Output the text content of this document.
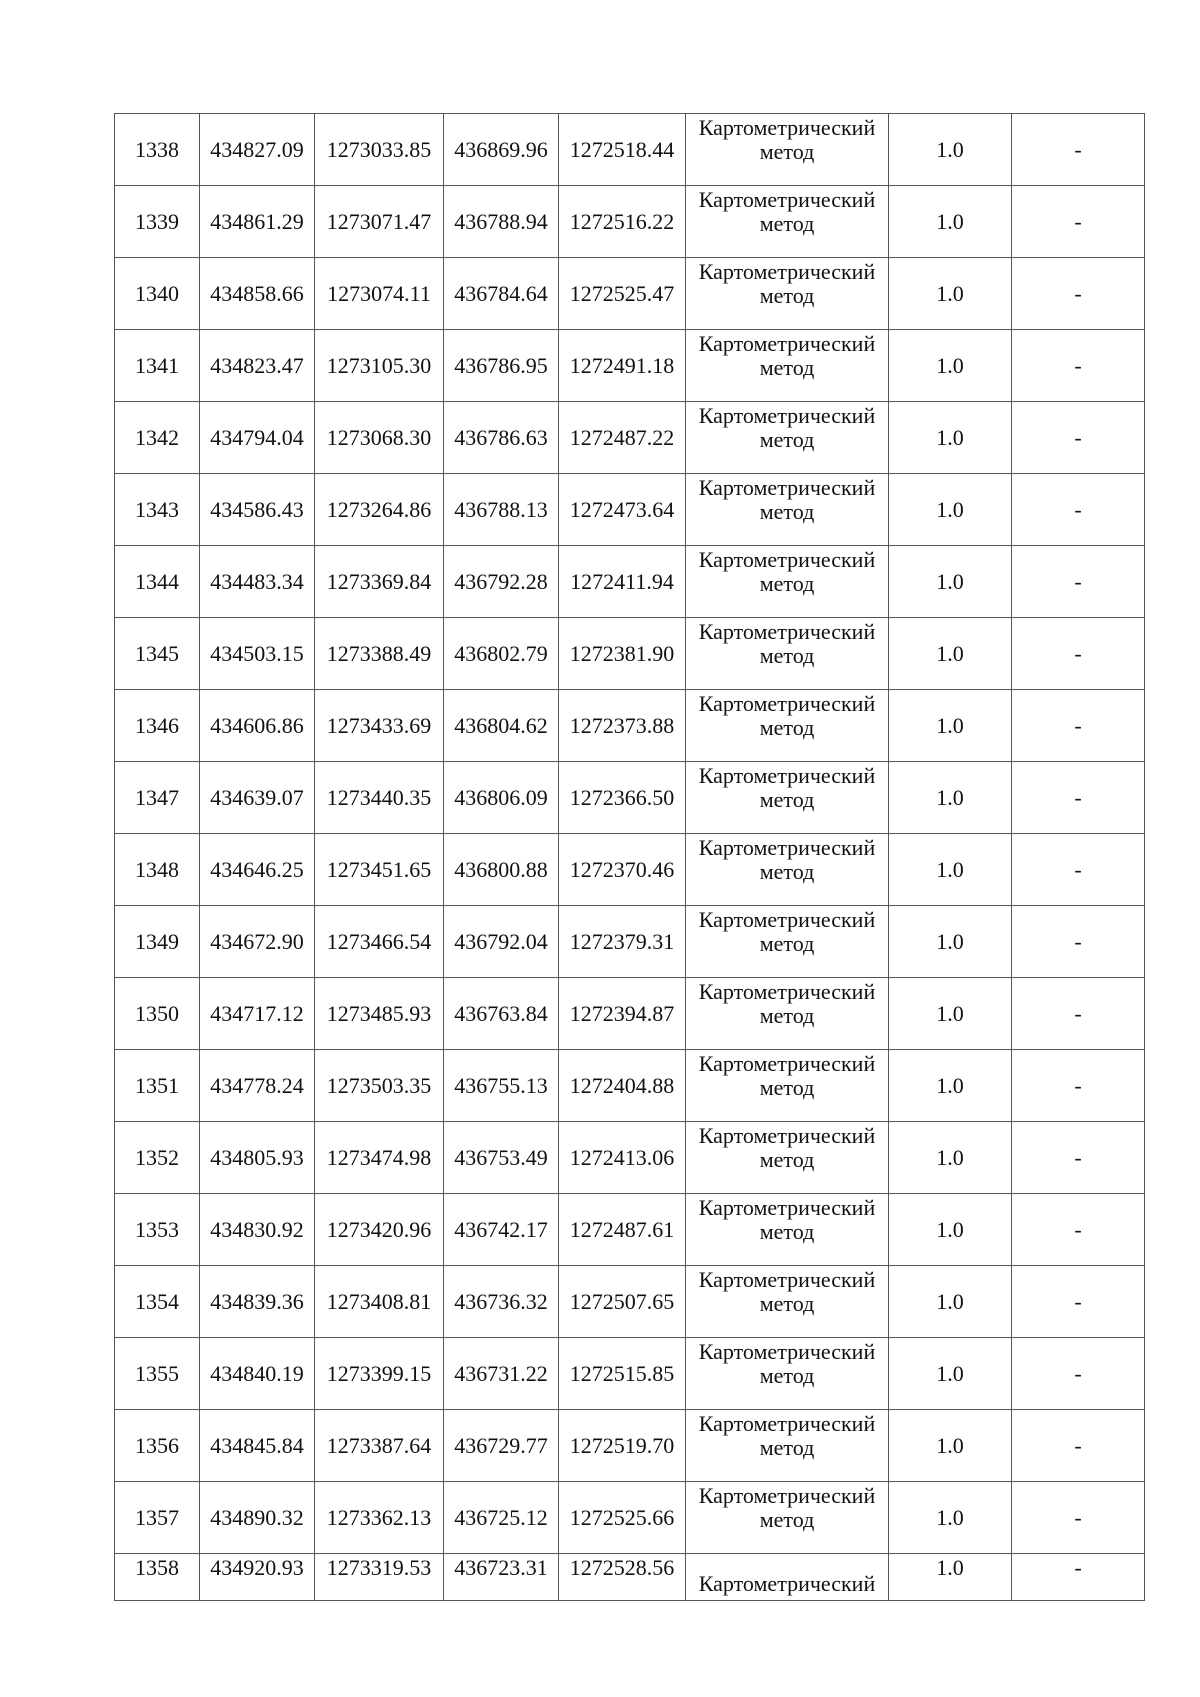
1338	434827.09	1273033.85	436869.96	1272518.44	Картометрический
метод	1.0	-
1339	434861.29	1273071.47	436788.94	1272516.22	Картометрический
метод	1.0	-
1340	434858.66	1273074.11	436784.64	1272525.47	Картометрический
метод	1.0	-
1341	434823.47	1273105.30	436786.95	1272491.18	Картометрический
метод	1.0	-
1342	434794.04	1273068.30	436786.63	1272487.22	Картометрический
метод	1.0	-
1343	434586.43	1273264.86	436788.13	1272473.64	Картометрический
метод	1.0	-
1344	434483.34	1273369.84	436792.28	1272411.94	Картометрический
метод	1.0	-
1345	434503.15	1273388.49	436802.79	1272381.90	Картометрический
метод	1.0	-
1346	434606.86	1273433.69	436804.62	1272373.88	Картометрический
метод	1.0	-
1347	434639.07	1273440.35	436806.09	1272366.50	Картометрический
метод	1.0	-
1348	434646.25	1273451.65	436800.88	1272370.46	Картометрический
метод	1.0	-
1349	434672.90	1273466.54	436792.04	1272379.31	Картометрический
метод	1.0	-
1350	434717.12	1273485.93	436763.84	1272394.87	Картометрический
метод	1.0	-
1351	434778.24	1273503.35	436755.13	1272404.88	Картометрический
метод	1.0	-
1352	434805.93	1273474.98	436753.49	1272413.06	Картометрический
метод	1.0	-
1353	434830.92	1273420.96	436742.17	1272487.61	Картометрический
метод	1.0	-
1354	434839.36	1273408.81	436736.32	1272507.65	Картометрический
метод	1.0	-
1355	434840.19	1273399.15	436731.22	1272515.85	Картометрический
метод	1.0	-
1356	434845.84	1273387.64	436729.77	1272519.70	Картометрический
метод	1.0	-
1357	434890.32	1273362.13	436725.12	1272525.66	Картометрический
метод	1.0	-
1358	434920.93	1273319.53	436723.31	1272528.56	Картометрический	1.0	-
